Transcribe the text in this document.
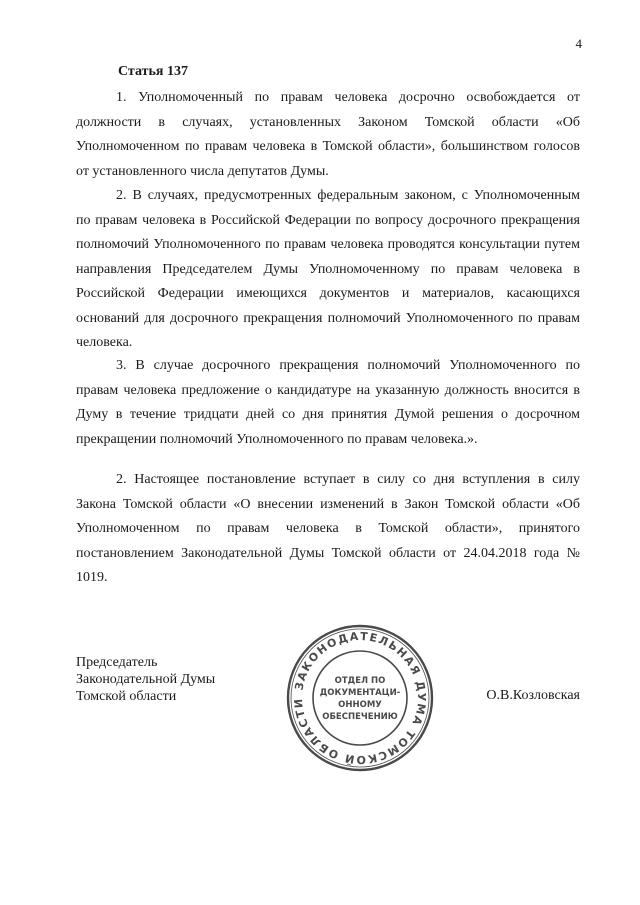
4
Статья 137

1. Уполномоченный по правам человека досрочно освобождается от должности в случаях, установленных Законом Томской области «Об Уполномоченном по правам человека в Томской области», большинством голосов от установленного числа депутатов Думы.

2. В случаях, предусмотренных федеральным законом, с Уполномоченным по правам человека в Российской Федерации по вопросу досрочного прекращения полномочий Уполномоченного по правам человека проводятся консультации путем направления Председателем Думы Уполномоченному по правам человека в Российской Федерации имеющихся документов и материалов, касающихся оснований для досрочного прекращения полномочий Уполномоченного по правам человека.

3. В случае досрочного прекращения полномочий Уполномоченного по правам человека предложение о кандидатуре на указанную должность вносится в Думу в течение тридцати дней со дня принятия Думой решения о досрочном прекращении полномочий Уполномоченного по правам человека.».

2. Настоящее постановление вступает в силу со дня вступления в силу Закона Томской области «О внесении изменений в Закон Томской области «Об Уполномоченном по правам человека в Томской области», принятого постановлением Законодательной Думы Томской области от 24.04.2018 года № 1019.

Председатель
Законодательной Думы
Томской области	О.В.Козловская
ЗАКОНОДАТЕЛЬНАЯ ДУМА ТОМСКОЙ ОБЛАСТИ
ОТДЕЛ ПО
ДОКУМЕНТАЦИ-
ОННОМУ
ОБЕСПЕЧЕНИЮ
